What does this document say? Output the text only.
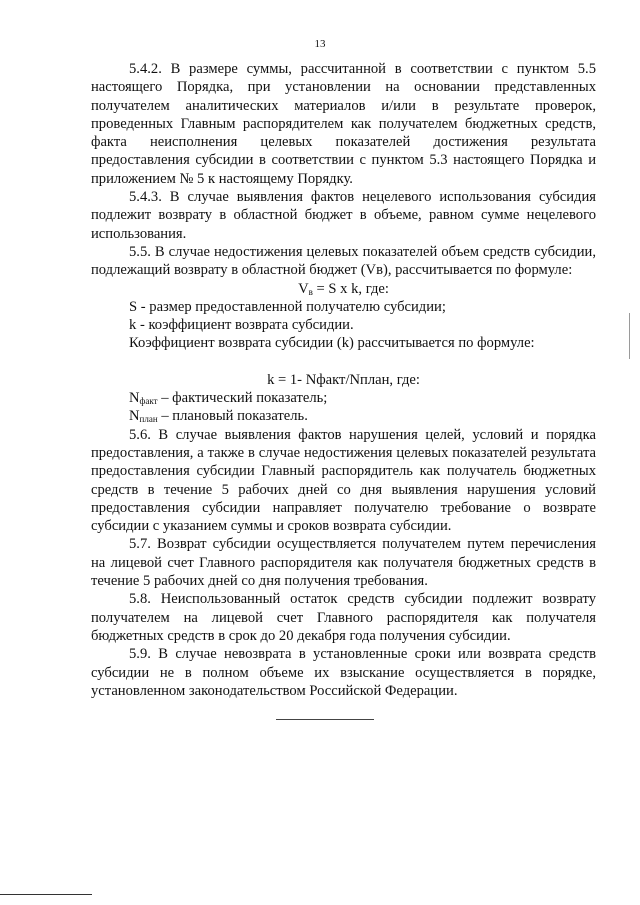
13

5.4.2. В размере суммы, рассчитанной в соответствии с пунктом 5.5 настоящего Порядка, при установлении на основании представленных получателем аналитических материалов и/или в результате проверок, проведенных Главным распорядителем как получателем бюджетных средств, факта неисполнения целевых показателей достижения результата предоставления субсидии в соответствии с пунктом 5.3 настоящего Порядка и приложением № 5 к настоящему Порядку.

5.4.3. В случае выявления фактов нецелевого использования субсидия подлежит возврату в областной бюджет в объеме, равном сумме нецелевого использования.

5.5. В случае недостижения целевых показателей объем средств субсидии, подлежащий возврату в областной бюджет (Vв), рассчитывается по формуле:

$V_в = S$ x k, где:

S - размер предоставленной получателю субсидии;

k - коэффициент возврата субсидии.

Коэффициент возврата субсидии (k) рассчитывается по формуле:

k = 1- Nфакт/Nплан, где:

$N_{факт}$ – фактический показатель;

$N_{план}$ – плановый показатель.

5.6. В случае выявления фактов нарушения целей, условий и порядка предоставления, а также в случае недостижения целевых показателей результата предоставления субсидии Главный распорядитель как получатель бюджетных средств в течение 5 рабочих дней со дня выявления нарушения условий предоставления субсидии направляет получателю требование о возврате субсидии с указанием суммы и сроков возврата субсидии.

5.7. Возврат субсидии осуществляется получателем путем перечисления на лицевой счет Главного распорядителя как получателя бюджетных средств в течение 5 рабочих дней со дня получения требования.

5.8. Неиспользованный остаток средств субсидии подлежит возврату получателем на лицевой счет Главного распорядителя как получателя бюджетных средств в срок до 20 декабря года получения субсидии.

5.9. В случае невозврата в установленные сроки или возврата средств субсидии не в полном объеме их взыскание осуществляется в порядке, установленном законодательством Российской Федерации.
